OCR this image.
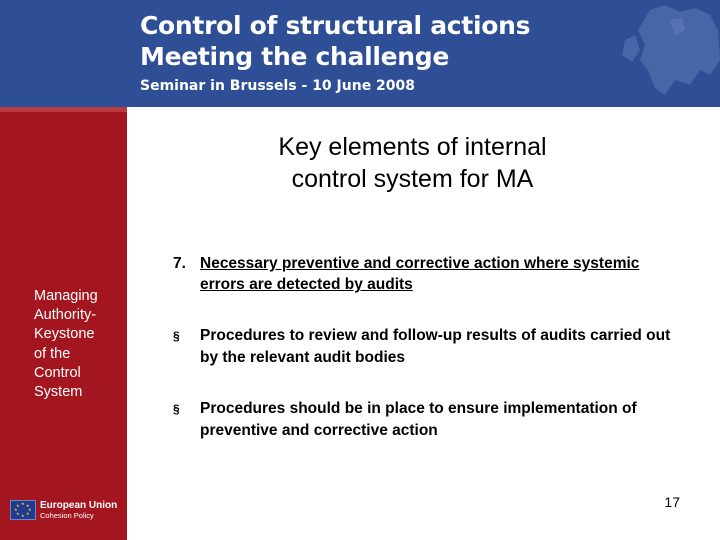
Control of structural actions
Meeting the challenge
Seminar in Brussels - 10 June 2008
Managing
Authority-
Keystone
of the
Control
System
★ ★
★
★
★
★
★
★ European Union
Cohesion Policy
Key elements of internal
control system for MA
7. Necessary preventive and corrective action where systemic errors are detected by audits
§ Procedures to review and follow-up results of audits carried out by the relevant audit bodies
§ Procedures should be in place to ensure implementation of preventive and corrective action
17
